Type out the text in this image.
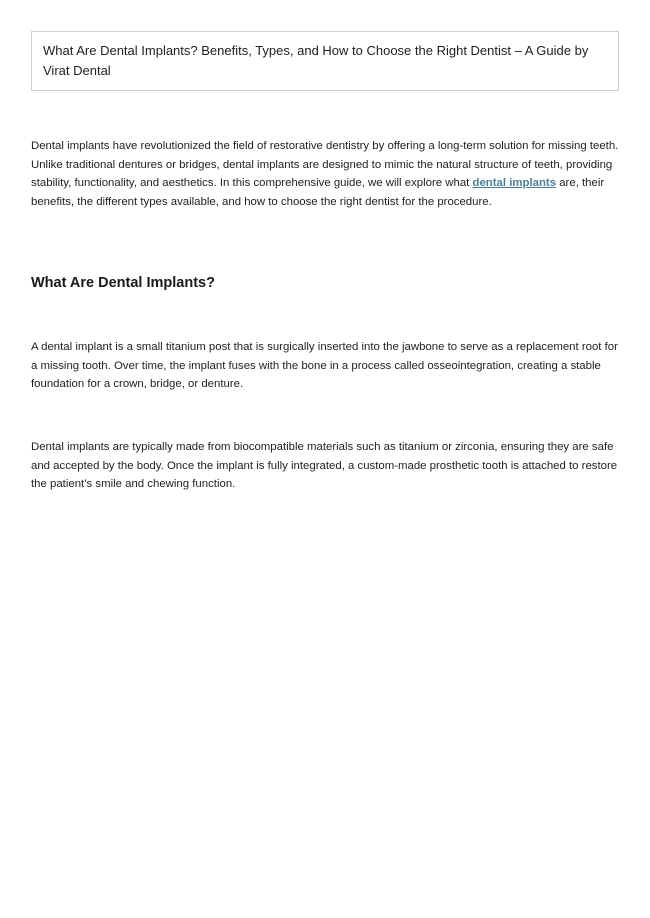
What Are Dental Implants? Benefits, Types, and How to Choose the Right Dentist – A Guide by Virat Dental

Dental implants have revolutionized the field of restorative dentistry by offering a long-term solution for missing teeth. Unlike traditional dentures or bridges, dental implants are designed to mimic the natural structure of teeth, providing stability, functionality, and aesthetics. In this comprehensive guide, we will explore what dental implants are, their benefits, the different types available, and how to choose the right dentist for the procedure.

What Are Dental Implants?

A dental implant is a small titanium post that is surgically inserted into the jawbone to serve as a replacement root for a missing tooth. Over time, the implant fuses with the bone in a process called osseointegration, creating a stable foundation for a crown, bridge, or denture.

Dental implants are typically made from biocompatible materials such as titanium or zirconia, ensuring they are safe and accepted by the body. Once the implant is fully integrated, a custom-made prosthetic tooth is attached to restore the patient’s smile and chewing function.
